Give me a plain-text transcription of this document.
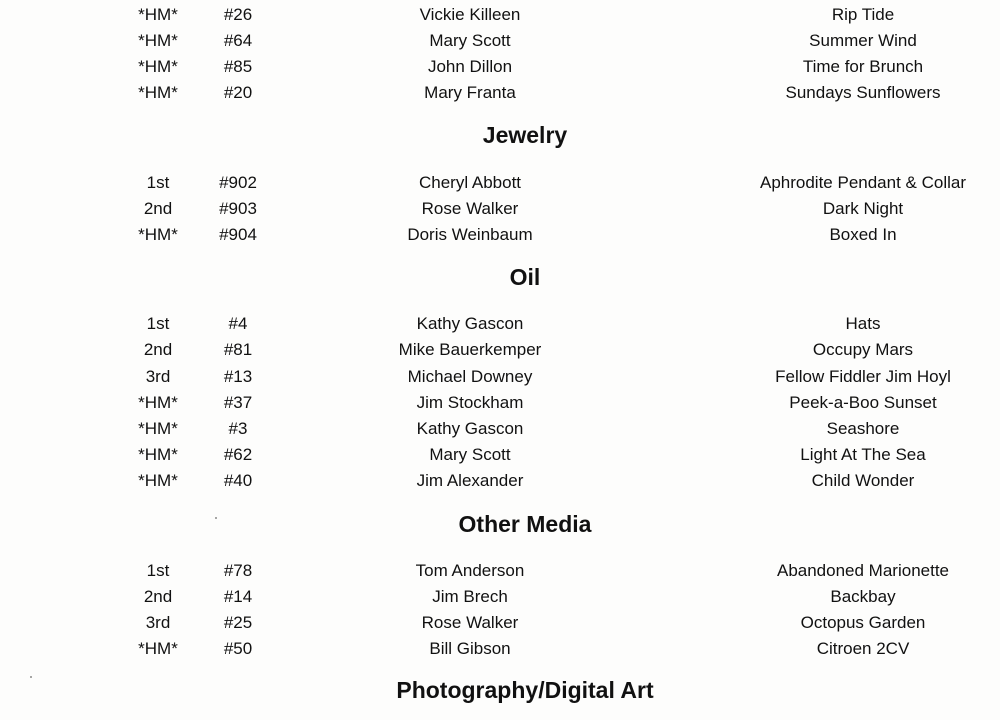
*HM*	#26	Vickie Killeen	Rip Tide
*HM*	#64	Mary Scott	Summer Wind
*HM*	#85	John Dillon	Time for Brunch
*HM*	#20	Mary Franta	Sundays Sunflowers
Jewelry
1st	#902	Cheryl Abbott	Aphrodite Pendant & Collar
2nd	#903	Rose Walker	Dark Night
*HM*	#904	Doris Weinbaum	Boxed In
Oil
1st	#4	Kathy Gascon	Hats
2nd	#81	Mike Bauerkemper	Occupy Mars
3rd	#13	Michael Downey	Fellow Fiddler Jim Hoyl
*HM*	#37	Jim Stockham	Peek-a-Boo Sunset
*HM*	#3	Kathy Gascon	Seashore
*HM*	#62	Mary Scott	Light At The Sea
*HM*	#40	Jim Alexander	Child Wonder
Other Media
1st	#78	Tom Anderson	Abandoned Marionette
2nd	#14	Jim Brech	Backbay
3rd	#25	Rose Walker	Octopus Garden
*HM*	#50	Bill Gibson	Citroen 2CV
Photography/Digital Art
